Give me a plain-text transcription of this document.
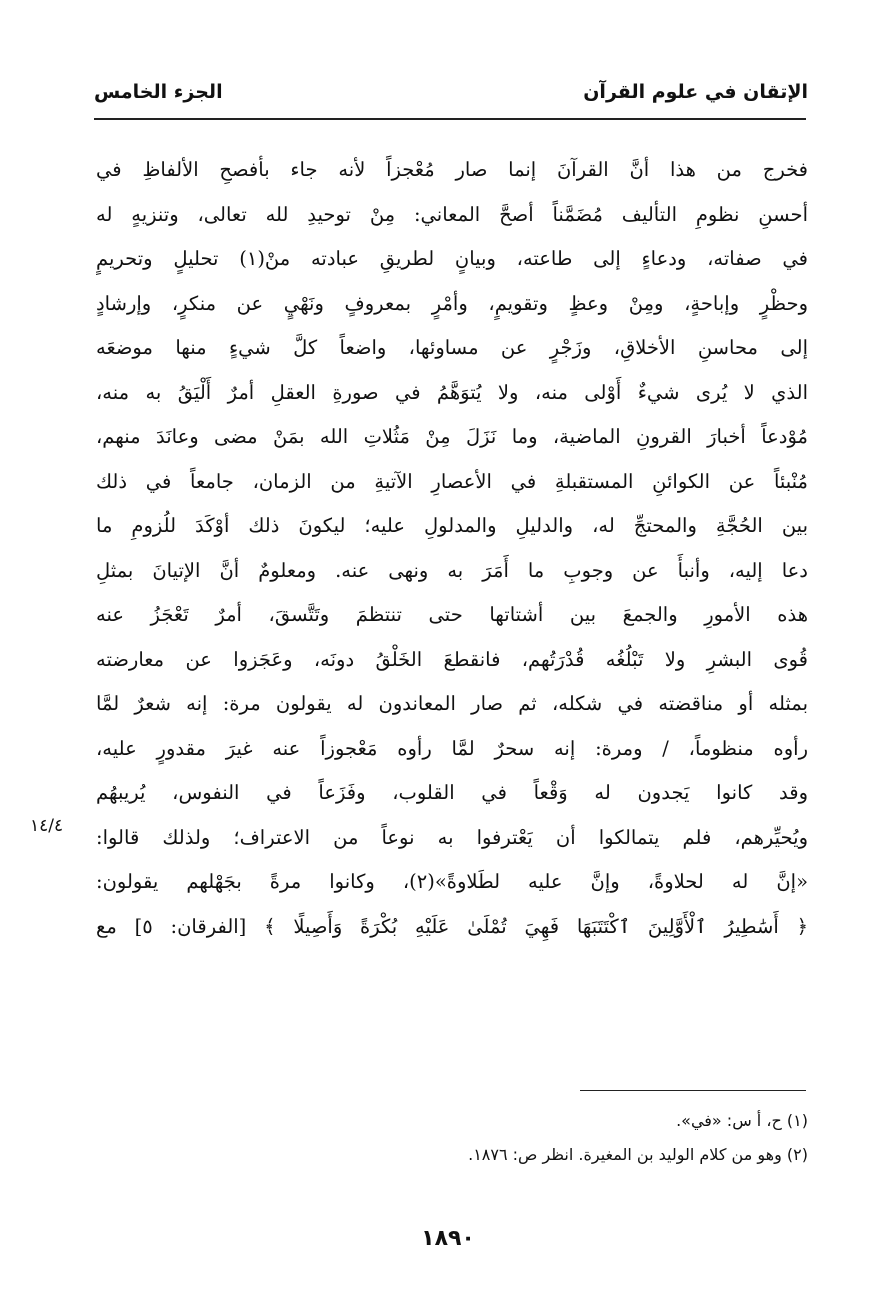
الإتقان في علوم القرآن
الجزء الخامس
فخرج من هذا أنَّ القرآنَ إنما صار مُعْجزاً لأنه جاء بأفصحِ الألفاظِ في
أحسنِ نظومِ التأليف مُضَمَّناً أصحَّ المعاني: مِنْ توحيدِ لله تعالى، وتنزيهٍ له
في صفاته، ودعاءٍ إلى طاعته، وبيانٍ لطريقِ عبادته منْ(١) تحليلٍ وتحريمٍ
وحظْرٍ وإباحةٍ، ومِنْ وعظٍ وتقويمٍ، وأمْرٍ بمعروفٍ ونَهْيٍ عن منكرٍ، وإرشادٍ
إلى محاسنِ الأخلاقِ، وزَجْرٍ عن مساوئها، واضعاً كلَّ شيءٍ منها موضعَه
الذي لا يُرى شيءٌ أَوْلى منه، ولا يُتوَهَّمُ في صورةِ العقلِ أمرٌ أَلْيَقُ به منه،
مُوْدعاً أخبارَ القرونِ الماضية، وما نَزَلَ مِنْ مَثُلاتِ الله بمَنْ مضى وعانَدَ منهم،
مُنْبئاً عن الكوائنِ المستقبلةِ في الأعصارِ الآتيةِ من الزمان، جامعاً في ذلك
بين الحُجَّةِ والمحتجِّ له، والدليلِ والمدلولِ عليه؛ ليكونَ ذلك أوْكَدَ للُزومِ ما
دعا إليه، وأنبأَ عن وجوبِ ما أَمَرَ به ونهى عنه. ومعلومٌ أنَّ الإتيانَ بمثلِ
هذه الأمورِ والجمعَ بين أشتاتها حتى تنتظمَ وتَتَّسقَ، أمرٌ تَعْجَزُ عنه
قُوى البشرِ ولا تَبْلُغُه قُدْرَتُهم، فانقطعَ الخَلْقُ دونَه، وعَجَزوا عن معارضته
بمثله أو مناقضته في شكله، ثم صار المعاندون له يقولون مرة: إنه شعرٌ لمَّا
رأوه منظوماً، / ومرة: إنه سحرٌ لمَّا رأوه مَعْجوزاً عنه غيرَ مقدورٍ عليه،
وقد كانوا يَجدون له وَقْعاً في القلوب، وفَزَعاً في النفوس، يُريبهُم
ويُحيِّرهم، فلم يتمالكوا أن يَعْترفوا به نوعاً من الاعتراف؛ ولذلك قالوا:
«إنَّ له لحلاوةً، وإنَّ عليه لطَلاوةً»(٢)، وكانوا مرةً بجَهْلهم يقولون:
﴿ أَسَٰطِيرُ ٱلْأَوَّلِينَ ٱكْتَتَبَهَا فَهِيَ تُمْلَىٰ عَلَيْهِ بُكْرَةً وَأَصِيلًا ﴾ [الفرقان: ٥] مع
١٤/٤
(١) ح، أ س: «في».
(٢) وهو من كلام الوليد بن المغيرة. انظر ص: ١٨٧٦.
١٨٩٠
